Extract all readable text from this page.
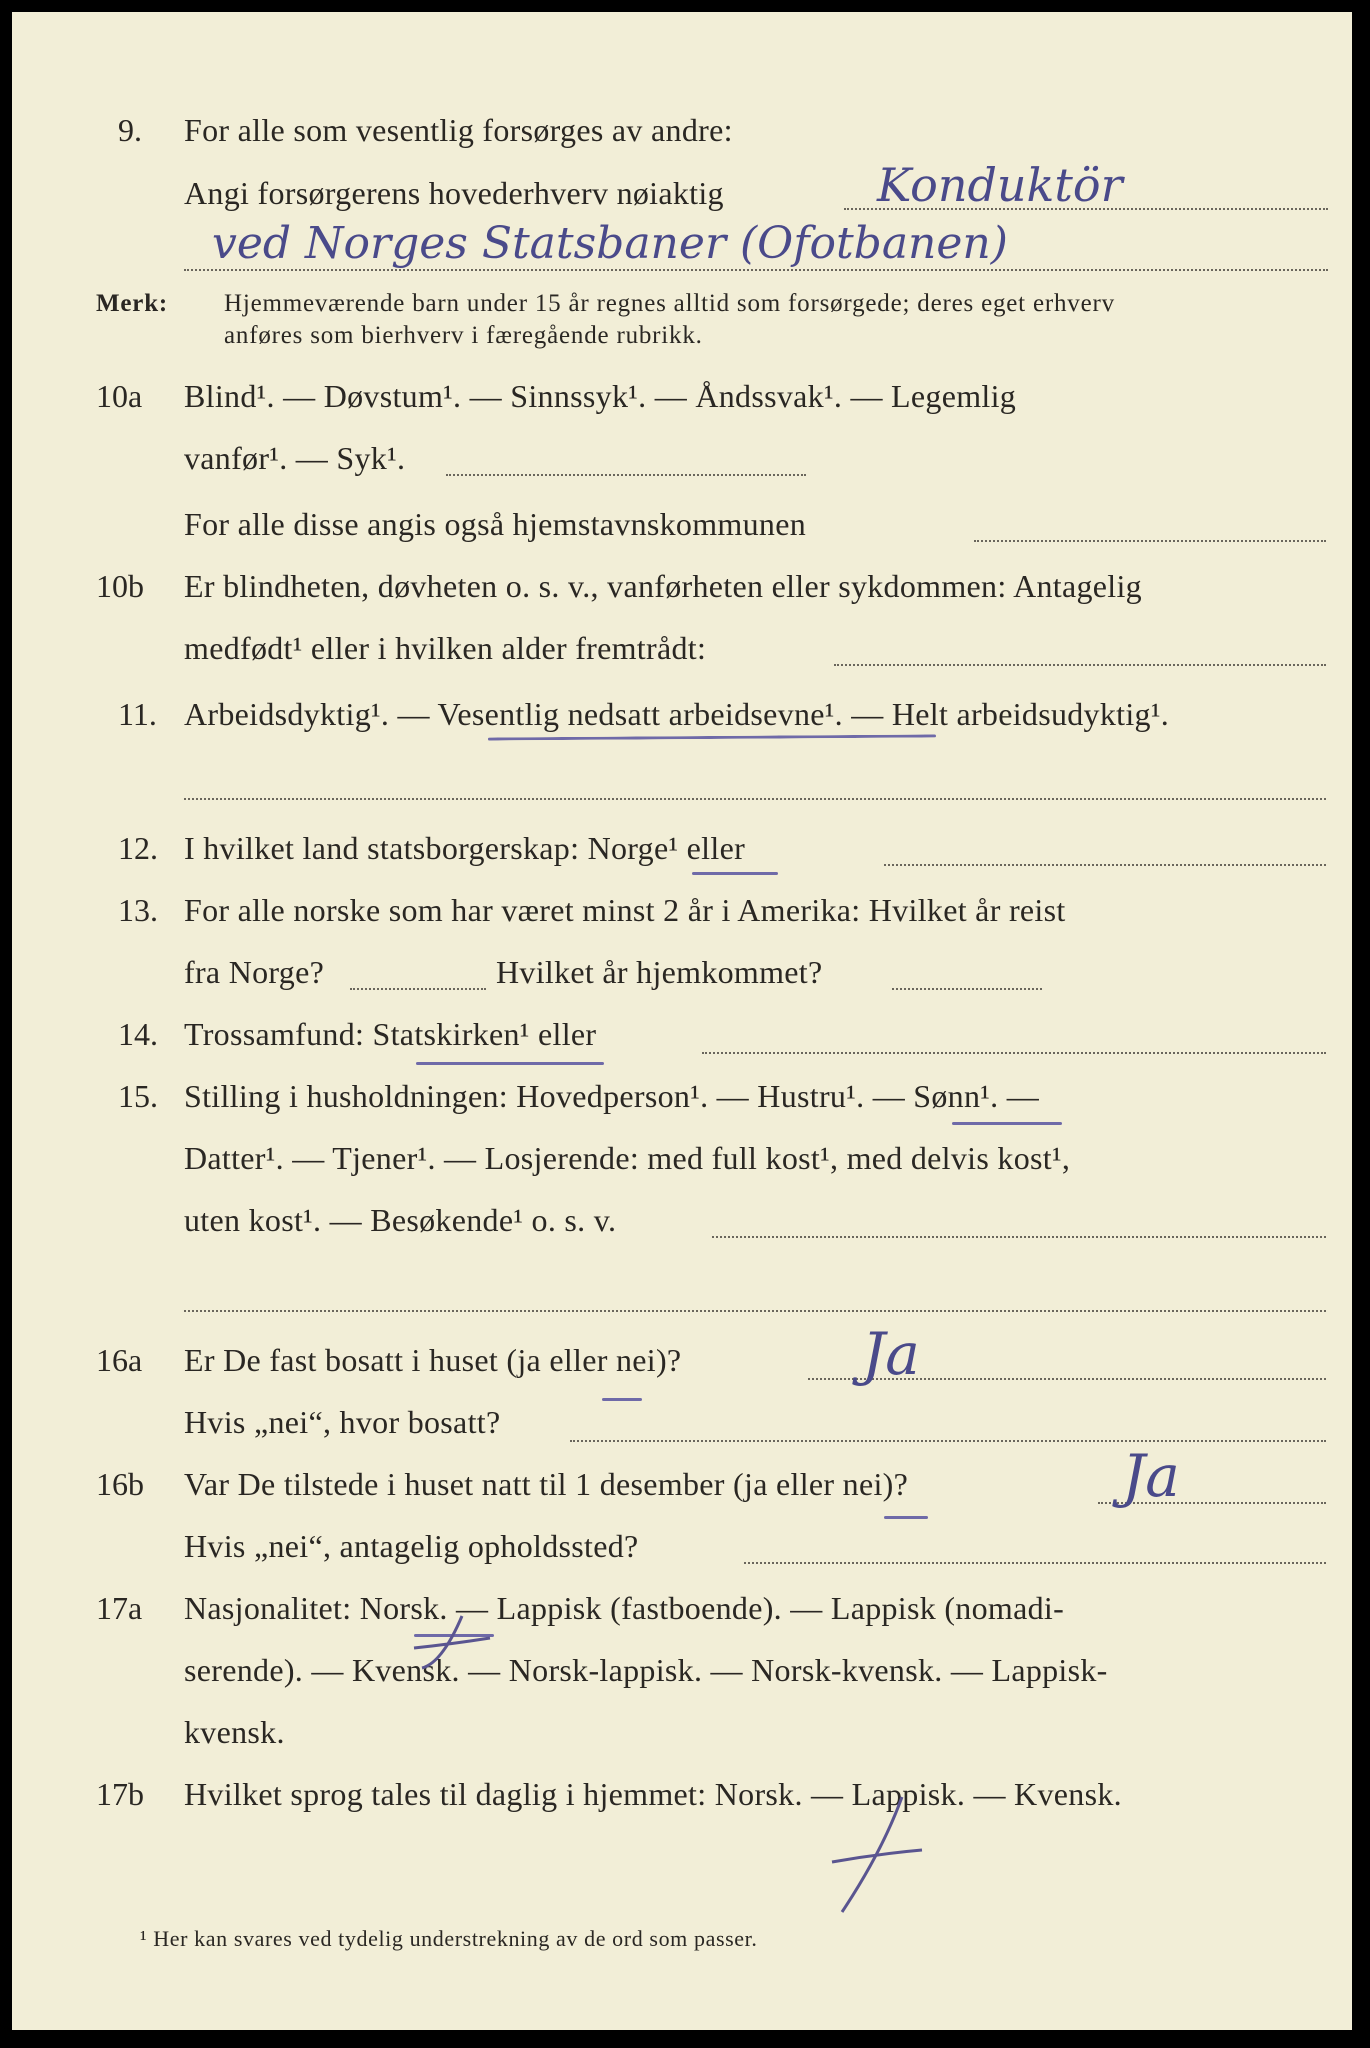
9. For alle som vesentlig forsørges av andre:
Angi forsørgerens hovederhverv nøiaktig	Konduktör
ved Norges Statsbaner (Ofotbanen)
Merk: Hjemmeværende barn under 15 år regnes alltid som forsørgede; deres eget erhverv
anføres som bierhverv i færegående rubrikk.
10a Blind¹. — Døvstum¹. — Sinnssyk¹. — Åndssvak¹. — Legemlig
vanfør¹. — Syk¹.
For alle disse angis også hjemstavnskommunen
10b Er blindheten, døvheten o. s. v., vanførheten eller sykdommen: Antagelig
medfødt¹ eller i hvilken alder fremtrådt:
11. Arbeidsdyktig¹. — Vesentlig nedsatt arbeidsevne¹. — Helt arbeidsudyktig¹.
12. I hvilket land statsborgerskap: Norge¹ eller
13. For alle norske som har været minst 2 år i Amerika: Hvilket år reist
fra Norge?	Hvilket år hjemkommet?
14. Trossamfund: Statskirken¹ eller
15. Stilling i husholdningen: Hovedperson¹. — Hustru¹. — Sønn¹. —
Datter¹. — Tjener¹. — Losjerende: med full kost¹, med delvis kost¹,
uten kost¹. — Besøkende¹ o. s. v.
16a Er De fast bosatt i huset (ja eller nei)?	Ja
Hvis „nei“, hvor bosatt?
16b Var De tilstede i huset natt til 1 desember (ja eller nei)?	Ja
Hvis „nei“, antagelig opholdssted?
17a Nasjonalitet: Norsk. — Lappisk (fastboende). — Lappisk (nomadi-
serende). — Kvensk. — Norsk-lappisk. — Norsk-kvensk. — Lappisk-
kvensk.
17b Hvilket sprog tales til daglig i hjemmet: Norsk. — Lappisk. — Kvensk.
¹ Her kan svares ved tydelig understrekning av de ord som passer.
